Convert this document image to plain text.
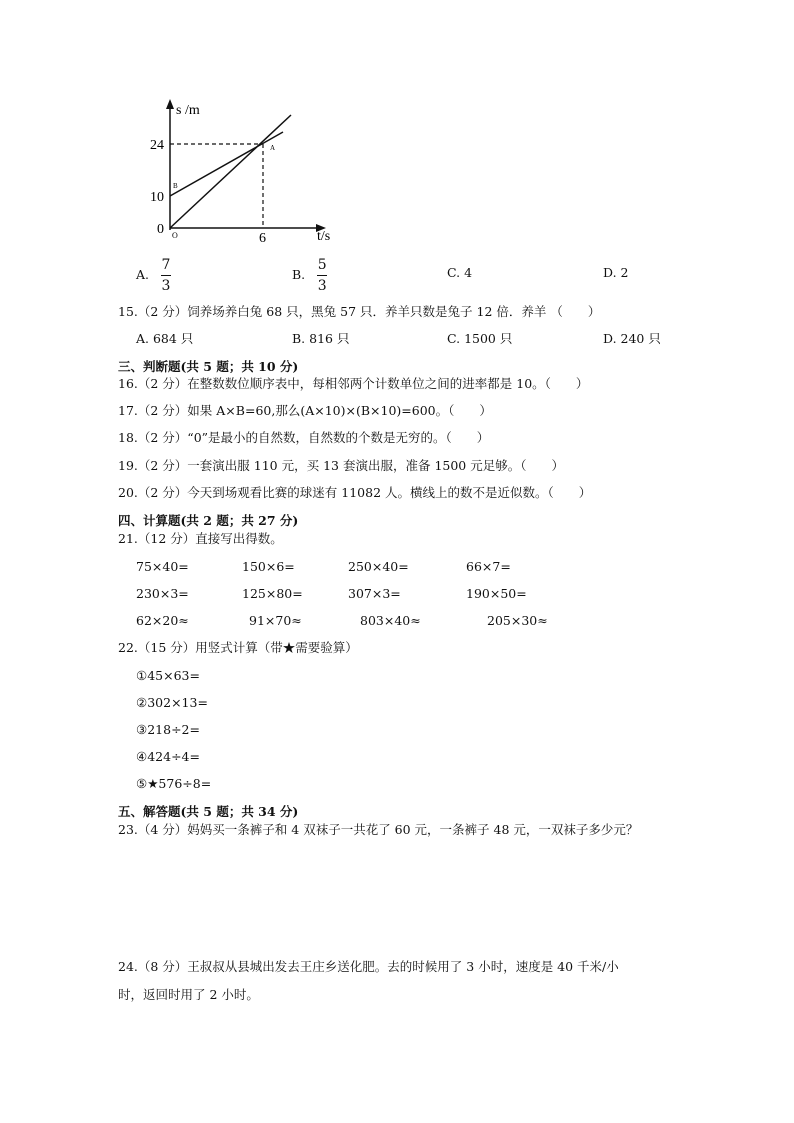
s /m
24
10
0 O	6	t/s
A
B
A. $\frac{7}{3}$	B. $\frac{5}{3}$	C. 4	D. 2
15.（2 分）饲养场养白兔 68 只，黑兔 57 只．养羊只数是兔子 12 倍．养羊 （　　）
A. 684 只	B. 816 只	C. 1500 只	D. 240 只
三、判断题(共 5 题；共 10 分)
16.（2 分）在整数数位顺序表中，每相邻两个计数单位之间的进率都是 10。（　　）
17.（2 分）如果 A×B=60,那么(A×10)×(B×10)=600。（　　）
18.（2 分）“0”是最小的自然数，自然数的个数是无穷的。（　　）
19.（2 分）一套演出服 110 元，买 13 套演出服，准备 1500 元足够。（　　）
20.（2 分）今天到场观看比赛的球迷有 11082 人。横线上的数不是近似数。（　　）
四、计算题(共 2 题；共 27 分)
21.（12 分）直接写出得数。
75×40=	150×6=	250×40=	66×7=
230×3=	125×80=	307×3=	190×50=
62×20≈	91×70≈	803×40≈	205×30≈
22.（15 分）用竖式计算（带★需要验算）
①45×63=
②302×13=
③218÷2=
④424÷4=
⑤★576÷8=
五、解答题(共 5 题；共 34 分)
23.（4 分）妈妈买一条裤子和 4 双袜子一共花了 60 元，一条裤子 48 元，一双袜子多少元？
24.（8 分）王叔叔从县城出发去王庄乡送化肥。去的时候用了 3 小时，速度是 40 千米/小
时，返回时用了 2 小时。
